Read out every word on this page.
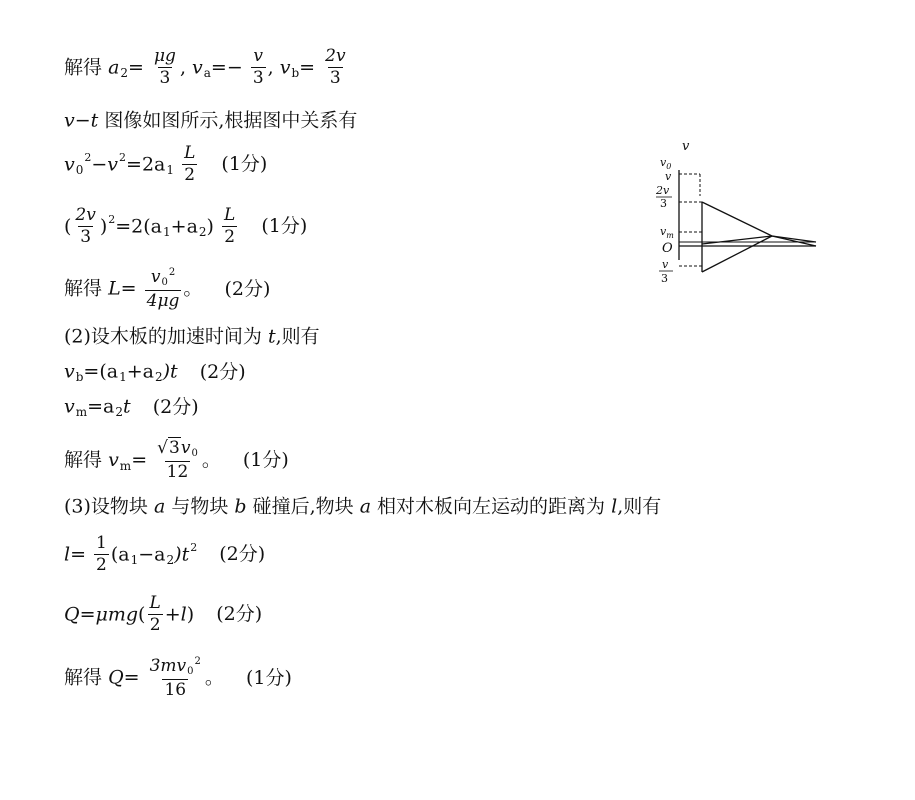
解得 $a_2= \frac{\mu g}{3}$ , $v_a=- \frac{v}{3}$ , $v_b= \frac{2v}{3}$
v−t 图像如图所示,根据图中关系有
$v_0^2-v^2=2a_1 \frac{L}{2} (1$分)
( $\frac{2v}{3} )^2=2(a_1+a_2) \frac{L}{2} (1$分)
解得 $L= \frac{v_0^2}{4\mu g}$ 。 (2分)
(2)设木板的加速时间为 t,则有
$v_b=(a_1+a_2)t$ (2分)
$v_m=a_2t$ (2分)
解得 $v_m= \frac{√3v_0}{12}$ 。 (1分)
(3)设物块 a 与物块 b 碰撞后,物块 a 相对木板向左运动的距离为 l,则有
$l= \frac{1}{2} (a_1-a_2)t^2$ (2分)
$Q=\mu mg( \frac{L}{2} +l)$ (2分)
解得 $Q= \frac{3mv_0^2}{16}$ 。 (1分)
v
$v_0$
v
2v
3
$v_m$
O
v
3
